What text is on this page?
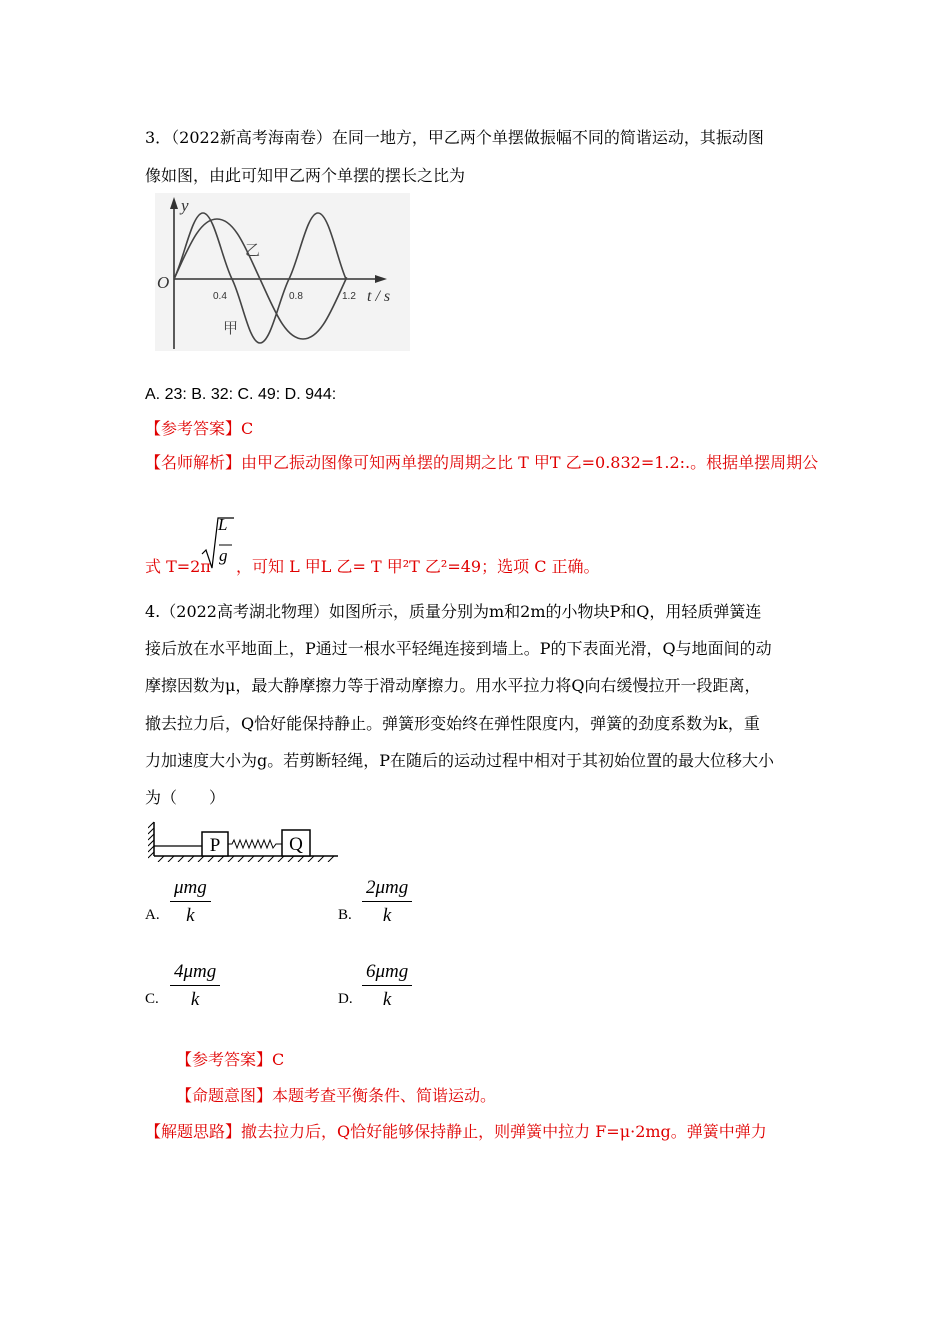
3．（2022新高考海南卷）在同一地方，甲乙两个单摆做振幅不同的简谐运动，其振动图
像如图，由此可知甲乙两个单摆的摆长之比为
y
O
0.4	0.8	1.2 t / s
乙
甲
A. 23: B. 32: C. 49: D. 944:
【参考答案】C
【名师解析】由甲乙振动图像可知两单摆的周期之比 T 甲T 乙=0.832=1.2:.。根据单摆周期公
式 T=2π
L
g
，可知 L 甲L 乙= T 甲²T 乙²=49；选项 C 正确。
4.（2022高考湖北物理）如图所示，质量分别为m和2m的小物块P和Q，用轻质弹簧连
接后放在水平地面上，P通过一根水平轻绳连接到墙上。P的下表面光滑，Q与地面间的动
摩擦因数为μ，最大静摩擦力等于滑动摩擦力。用水平拉力将Q向右缓慢拉开一段距离，
撤去拉力后，Q恰好能保持静止。弹簧形变始终在弹性限度内，弹簧的劲度系数为k，重
力加速度大小为g。若剪断轻绳，P在随后的运动过程中相对于其初始位置的最大位移大小
为（　　）
P	Q
A.
μmg
k	B.
2μmg
k
C.
4μmg
k	D.
6μmg
k
【参考答案】C
【命题意图】本题考查平衡条件、简谐运动。
【解题思路】撤去拉力后，Q恰好能够保持静止，则弹簧中拉力 F=μ·2mg。弹簧中弹力
